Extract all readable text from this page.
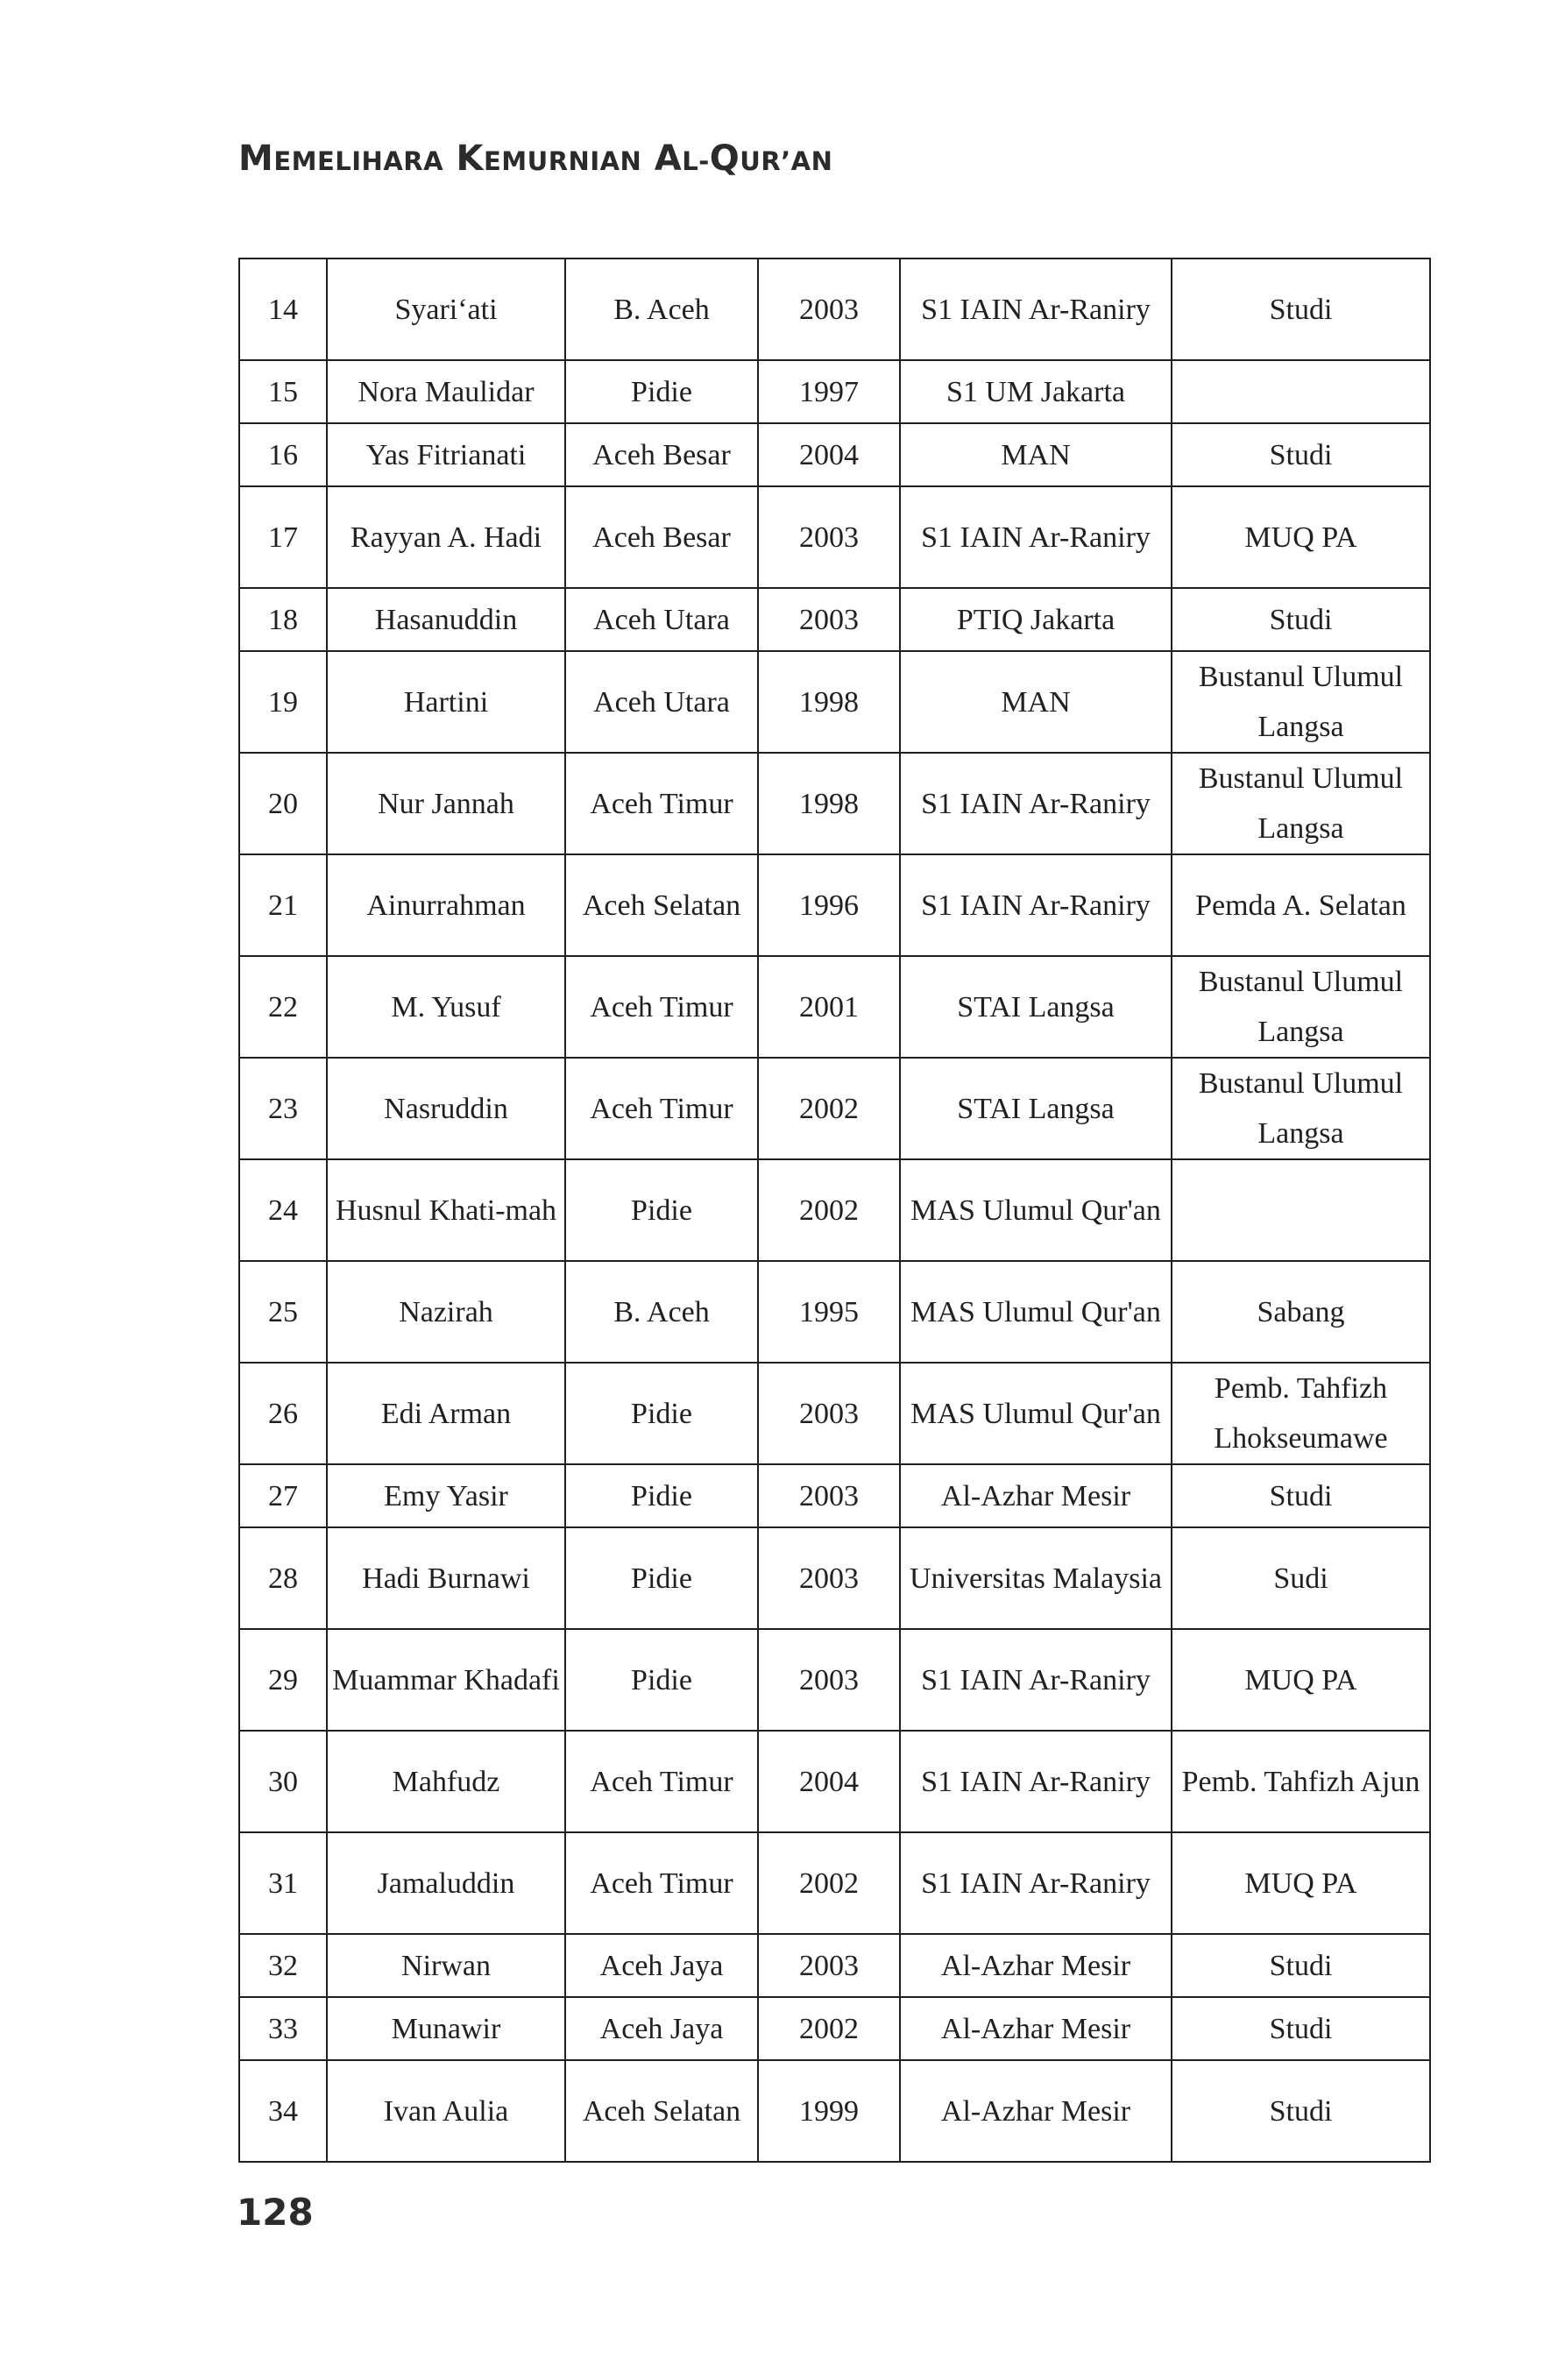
MEMELIHARA KEMURNIAN AL-QUR’AN
14	Syari‘ati	B. Aceh	2003	S1 IAIN Ar-Raniry	Studi
15	Nora Maulidar	Pidie	1997	S1 UM Jakarta	
16	Yas Fitrianati	Aceh Besar	2004	MAN	Studi
17	Rayyan A. Hadi	Aceh Besar	2003	S1 IAIN Ar-Raniry	MUQ PA
18	Hasanuddin	Aceh Utara	2003	PTIQ Jakarta	Studi
19	Hartini	Aceh Utara	1998	MAN	Bustanul Ulumul Langsa
20	Nur Jannah	Aceh Timur	1998	S1 IAIN Ar-Raniry	Bustanul Ulumul Langsa
21	Ainurrahman	Aceh Selatan	1996	S1 IAIN Ar-Raniry	Pemda A. Selatan
22	M. Yusuf	Aceh Timur	2001	STAI Langsa	Bustanul Ulumul Langsa
23	Nasruddin	Aceh Timur	2002	STAI Langsa	Bustanul Ulumul Langsa
24	Husnul Khati-mah	Pidie	2002	MAS Ulumul Qur'an	
25	Nazirah	B. Aceh	1995	MAS Ulumul Qur'an	Sabang
26	Edi Arman	Pidie	2003	MAS Ulumul Qur'an	Pemb. Tahfizh Lhokseumawe
27	Emy Yasir	Pidie	2003	Al-Azhar Mesir	Studi
28	Hadi Burnawi	Pidie	2003	Universitas Malaysia	Sudi
29	Muammar Khadafi	Pidie	2003	S1 IAIN Ar-Raniry	MUQ PA
30	Mahfudz	Aceh Timur	2004	S1 IAIN Ar-Raniry	Pemb. Tahfizh Ajun
31	Jamaluddin	Aceh Timur	2002	S1 IAIN Ar-Raniry	MUQ PA
32	Nirwan	Aceh Jaya	2003	Al-Azhar Mesir	Studi
33	Munawir	Aceh Jaya	2002	Al-Azhar Mesir	Studi
34	Ivan Aulia	Aceh Selatan	1999	Al-Azhar Mesir	Studi
128
